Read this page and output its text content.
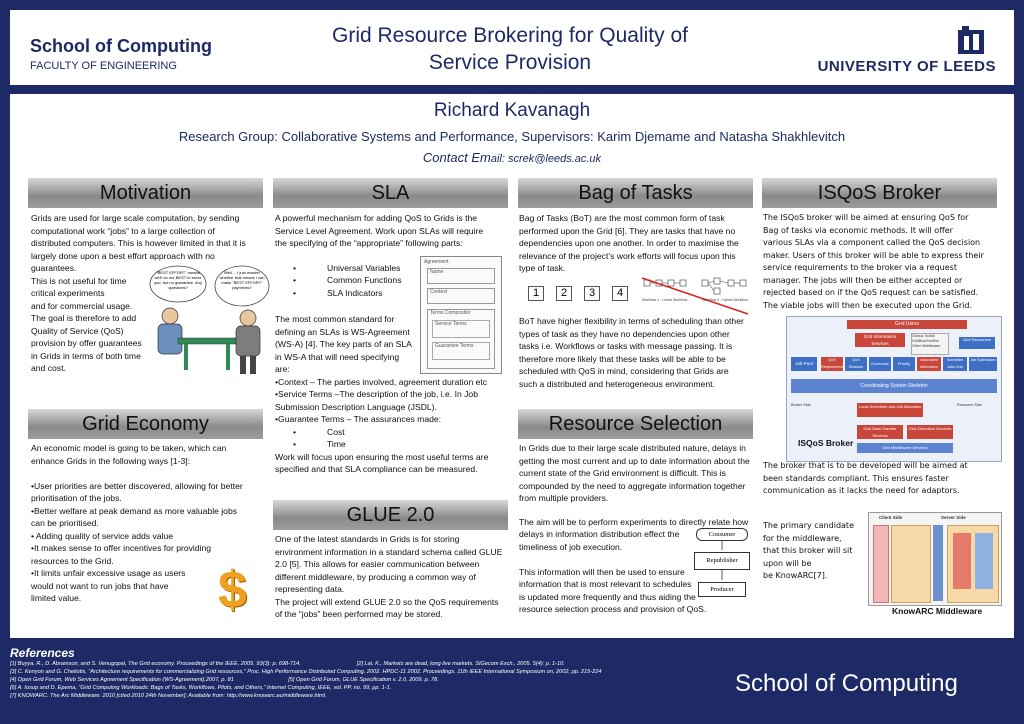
School of Computing
FACULTY OF ENGINEERING
Grid Resource Brokering for Quality of
Service Provision	UNIVERSITY OF LEEDS
Richard Kavanagh
Research Group: Collaborative Systems and Performance, Supervisors: Karim Djemame and Natasha Shakhlevitch
Contact Email: screk@leeds.ac.uk
Motivation

Grids are used for large scale computation, by sending

computational work “jobs” to a large collection of

distributed computers. This is however limited in that it is

largely done upon a best effort approach with no

guarantees.

This is not useful for time

critical experiments

and for commercial usage.

The goal is therefore to add

Quality of Service (QoS)

provision by offer guarantees

in Grids in terms of both time

and cost.

"BEST EFFORT" means we'll do our BEST to serve you, but no guarantee. Any questions?
Well ... I just wonder whether that means I can make "BEST EFFORT" payments?
Grid Economy

An economic model is going to be taken, which can

enhance Grids in the following ways [1-3]:

•User priorities are better discovered, allowing for better

prioritisation of the jobs.

•Better welfare at peak demand as more valuable jobs

can be prioritised.

• Adding quality of service adds value

•It makes sense to offer incentives for providing

resources to the Grid.

•It limits unfair excessive usage as users

would not want to run jobs that have

limited value.	$
SLA

A powerful mechanism for adding QoS to Grids is the

Service Level Agreement. Work upon SLAs will require

the specifying of the “appropriate” following parts:

• Universal Variables
• Common Functions
• SLA Indicators

The most common standard for

defining an SLAs is WS-Agreement

(WS-A) [4]. The key parts of an SLA

in WS-A that will need specifying

are:

•Context – The parties involved, agreement duration etc

•Service Terms –The description of the job, i.e. In Job

Submission Description Language (JSDL).

•Guarantee Terms – The assurances made:

• Cost
• Time

Work will focus upon ensuring the most useful terms are

specified and that SLA compliance can be measured.

Agreement
Name
Context
Terms Compositor
Service Terms
Guarantee Terms
GLUE 2.0

One of the latest standards in Grids is for storing

environment information in a standard schema called GLUE

2.0 [5]. This allows for easier communication between

different middleware, by producing a common way of

representing data.

The project will extend GLUE 2.0 so the QoS requirements

of the “jobs” been performed may be stored.

Bag of Tasks

Bag of Tasks (BoT) are the most common form of task

performed upon the Grid [6]. They are tasks that have no

dependencies upon one another. In order to maximise the

relevance of the project’s work efforts will focus upon this

type of task.

1	2	3	4
Workflow 1 - Linear Workflow	Workflow 2 - Hybrid Workflow

BoT have higher flexibility in terms of scheduling than other

types of task as they have no dependencies upon other

tasks i.e. Workflows or tasks with message passing. It is

therefore more likely that these tasks will be able to be

scheduled with QoS in mind, considering that Grids are

such a distributed and heterogeneous environment.

Resource Selection

In Grids due to their large scale distributed nature, delays in

getting the most current and up to date information about the

current state of the Grid environment is difficult. This is

compounded by the need to aggregate information together

from multiple providers.

The aim will be to perform experiments to directly relate how

delays in information distribution effect the

timeliness of job execution.

This information will then be used to ensure

information that is most relevant to schedules

is updated more frequently and thus aiding the

resource selection process and provision of QoS.

Consumer
Republisher
Producer
ISQoS Broker

The ISQoS broker will be aimed at ensuring QoS for

Bag of tasks via economic methods. It will offer

various SLAs via a component called the QoS decision

maker. Users of this broker will be able to express their

service requirements to the broker via a request

manager. The jobs will then be either accepted or

rejected based on if the QoS request can be satisfied.

The viable jobs will then be executed upon the Grid.

Grid Users
Grid Information Services
Globus Toolkit
GridBus/GridSim
Other Middleware
Grid Resources
Job Pool
QoS Requirements
QoS Decision Maker
Economic	Priority
Associated Information Pool
Submitted Jobs Grid Broker
Job Submission
Coordinating System Skeleton
Local Scheduler and Job Allocation
Grid Data Transfer Services
Grid Execution Services
Grid Middleware Services
Broker Side	Resource Side
ISQoS Broker

The broker that is to be developed will be aimed at

been standards compliant. This ensures faster

communication as it lacks the need for adaptors.

The primary candidate

for the middleware,

that this broker will sit

upon will be

be KnowARC[7].

Client Side	Server Side
KnowARC Middleware
References
[1] Buyya, R., D. Abramson, and S. Venugopal, The Grid economy. Proceedings of the IEEE, 2005. 93(3): p. 698-714.                                    [2] Lai, K., Markets are dead, long live markets. SIGecom Exch., 2005. 5(4): p. 1-10.
[3] C. Kenyon and G. Cheliotis, “Architecture requirements for commercializing Grid resources,” Proc. High Performance Distributed Computing, 2002. HPDC-11 2002. Proceedings. 11th IEEE International Symposium on, 2002, pp. 215-224
[4] Open Grid Forum, Web Services Agreement Specification (WS-Agreement),2007, p. 81                                   [5] Open Grid Forum, GLUE Specification v. 2.0, 2009. p. 78.
[6] A. Iosup and D. Epema, “Grid Computing Workloads: Bags of Tasks, Workflows, Pilots, and Others,” Internet Computing, IEEE, vol. PP, no. 99, pp. 1-1.
[7] KNOWARC. The Arc Middleware. 2010 [cited 2010 24th November]; Available from: http://www.knowarc.eu/middleware.html.	School of Computing
